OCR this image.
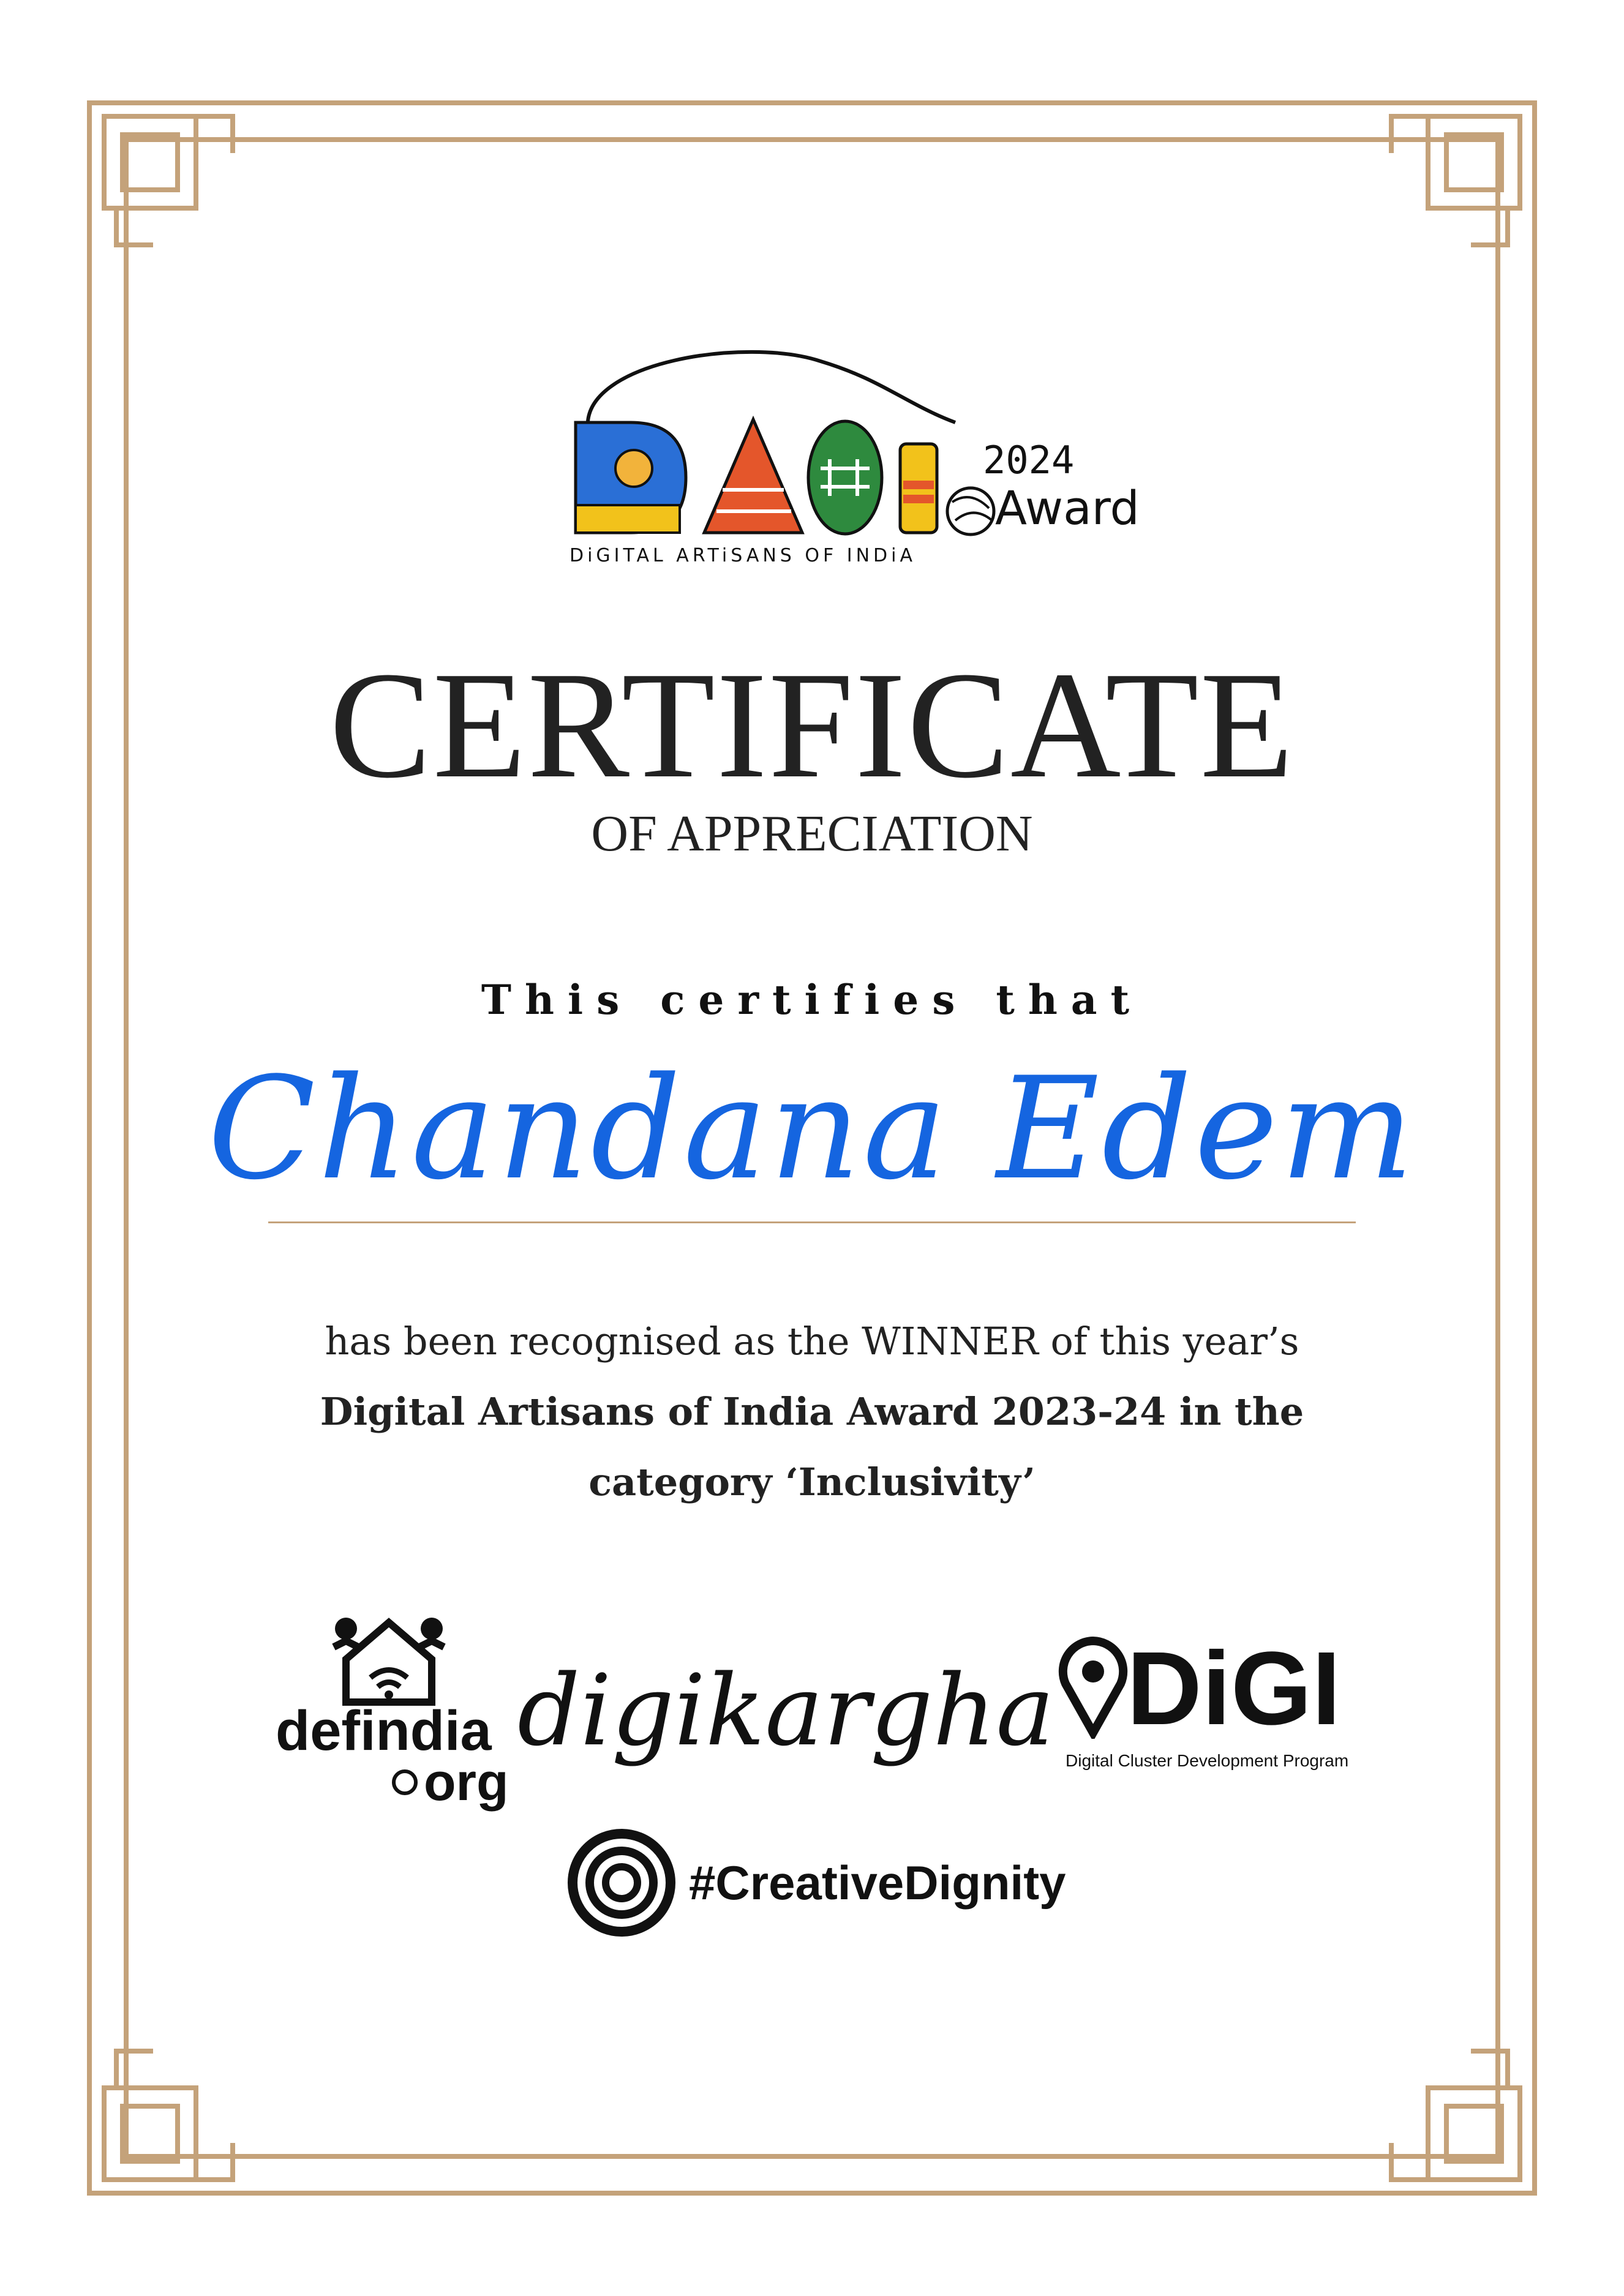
2024
Award
DiGITAL ARTiSANS OF INDiA
CERTIFICATE
OF APPRECIATION
This certifies that
Chandana Edem
has been recognised as the WINNER of this year’s
Digital Artisans of India Award 2023-24 in the
category ‘Inclusivity’
defindia
org
digikargha DiGI
Digital Cluster Development Program
#CreativeDignity
